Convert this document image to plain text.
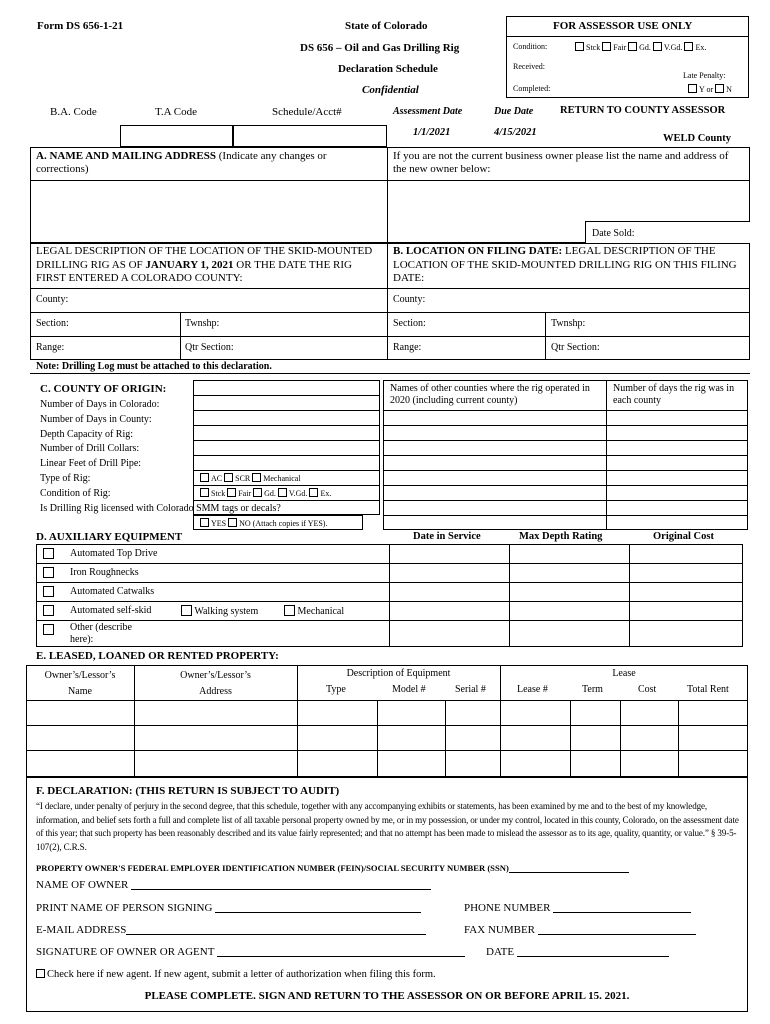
Form DS 656-1-21	State of Colorado
DS 656 – Oil and Gas Drilling Rig
Declaration Schedule
Confidential
FOR ASSESSOR USE ONLY
Condition:	Stck Fair Gd. V.Gd. Ex.
Received:
Late Penalty:
Completed:	Y or N
B.A. Code	T.A Code	Schedule/Acct#	Assessment Date	Due Date	RETURN TO COUNTY ASSESSOR
1/1/2021	4/15/2021
WELD County
A. NAME AND MAILING ADDRESS (Indicate any changes or corrections)
If you are not the current business owner please list the name and address of the new owner below:
Date Sold:
LEGAL DESCRIPTION OF THE LOCATION OF THE SKID-MOUNTED DRILLING RIG AS OF JANUARY 1, 2021 OR THE DATE THE RIG FIRST ENTERED A COLORADO COUNTY:
B. LOCATION ON FILING DATE: LEGAL DESCRIPTION OF THE LOCATION OF THE SKID-MOUNTED DRILLING RIG ON THIS FILING DATE:
County:	County:
Section:	Twnshp:	Section:	Twnshp:
Range:	Qtr Section:	Range:	Qtr Section:
Note: Drilling Log must be attached to this declaration.
C. COUNTY OF ORIGIN:
Number of Days in Colorado:
Number of Days in County:
Depth Capacity of Rig:
Number of Drill Collars:
Linear Feet of Drill Pipe:
Type of Rig:
Condition of Rig:
Is Drilling Rig licensed with Colorado SMM tags or decals?
AC SCR Mechanical
Stck Fair Gd. V.Gd. Ex.
YES NO (Attach copies if YES).
Names of other counties where the rig operated in 2020 (including current county)
Number of days the rig was in each county
D. AUXILIARY EQUIPMENT	Date in Service	Max Depth Rating	Original Cost
Automated Top Drive
Iron Roughnecks
Automated Catwalks
Automated self-skid	Walking system	Mechanical
Other (describe here):
E. LEASED, LOANED OR RENTED PROPERTY:
Owner’s/Lessor’s
Name
Owner’s/Lessor’s
Address
Description of Equipment
Type	Model #	Serial #
Lease
Lease #	Term	Cost	Total Rent
F. DECLARATION: (THIS RETURN IS SUBJECT TO AUDIT)
“I declare, under penalty of perjury in the second degree, that this schedule, together with any accompanying exhibits or statements, has been examined by me and to the best of my knowledge, information, and belief sets forth a full and complete list of all taxable personal property owned by me, or in my possession, or under my control, located in this county, Colorado, on the assessment date of this year; that such property has been reasonably described and its value fairly represented; and that no attempt has been made to mislead the assessor as to its age, quality, quantity, or value.” § 39-5-107(2), C.R.S.
PROPERTY OWNER'S FEDERAL EMPLOYER IDENTIFICATION NUMBER (FEIN)/SOCIAL SECURITY NUMBER (SSN)
NAME OF OWNER
PRINT NAME OF PERSON SIGNING	PHONE NUMBER
E-MAIL ADDRESS	FAX NUMBER
SIGNATURE OF OWNER OR AGENT	DATE
Check here if new agent. If new agent, submit a letter of authorization when filing this form.
PLEASE COMPLETE. SIGN AND RETURN TO THE ASSESSOR ON OR BEFORE APRIL 15. 2021.
